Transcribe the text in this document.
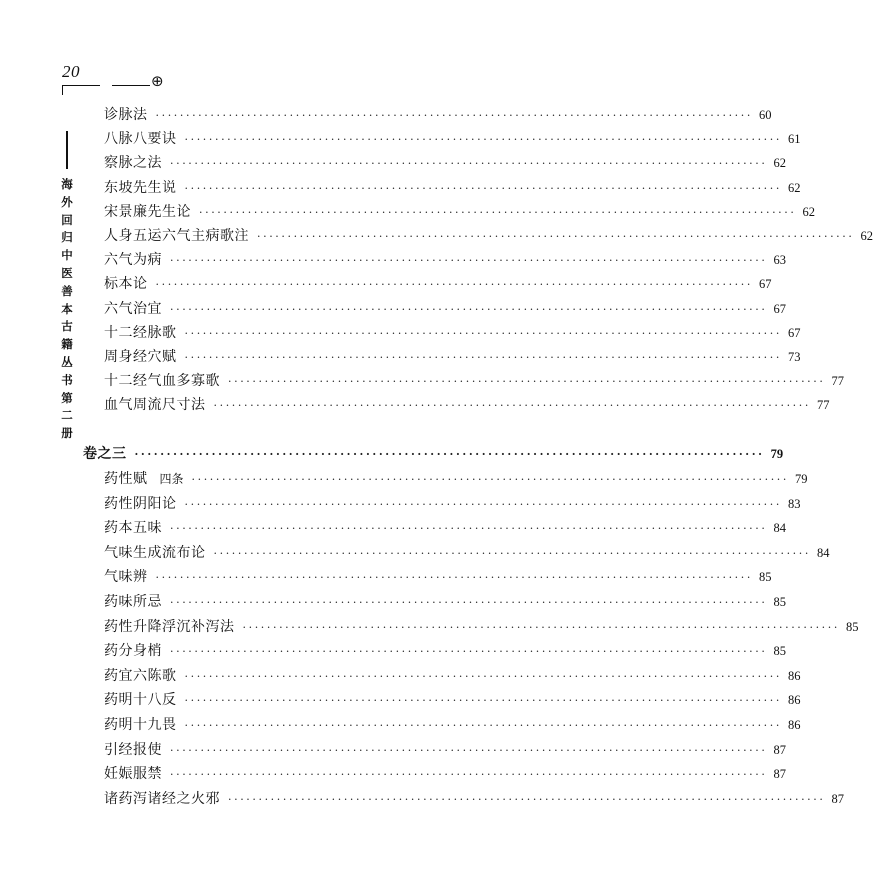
20	⊕
海
外
回
归
中
医
善
本
古
籍
丛
书
第
二
册
诊脉法 ·································································································· 60
八脉八要诀 ·································································································· 61
察脉之法 ·································································································· 62
东坡先生说 ·································································································· 62
宋景廉先生论 ·································································································· 62
人身五运六气主病歌注 ·································································································· 62
六气为病 ·································································································· 63
标本论 ·································································································· 67
六气治宜 ·································································································· 67
十二经脉歌 ·································································································· 67
周身经穴赋 ·································································································· 73
十二经气血多寡歌 ·································································································· 77
血气周流尺寸法 ·································································································· 77
卷之三 ·································································································· 79
药性赋 四条 ·································································································· 79
药性阴阳论 ·································································································· 83
药本五味 ·································································································· 84
气味生成流布论 ·································································································· 84
气味辨 ·································································································· 85
药味所忌 ·································································································· 85
药性升降浮沉补泻法 ·································································································· 85
药分身梢 ·································································································· 85
药宜六陈歌 ·································································································· 86
药明十八反 ·································································································· 86
药明十九畏 ·································································································· 86
引经报使 ·································································································· 87
妊娠服禁 ·································································································· 87
诸药泻诸经之火邪 ·································································································· 87
